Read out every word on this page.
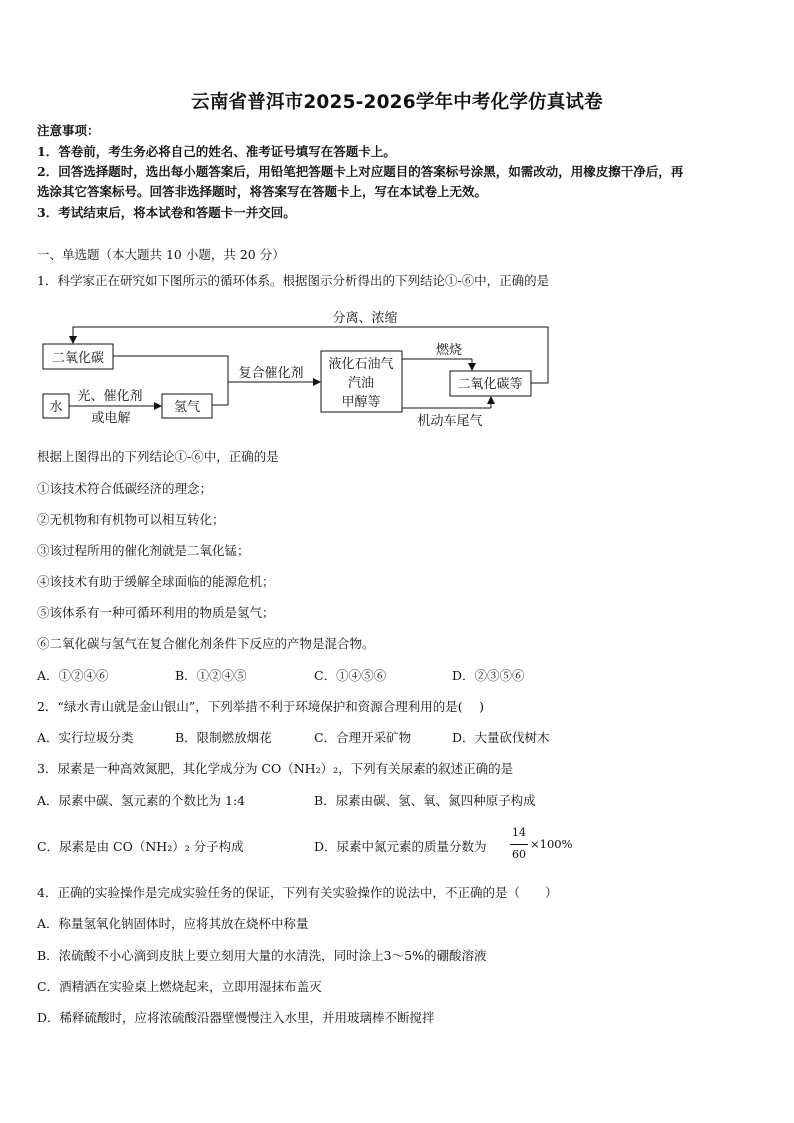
云南省普洱市2025-2026学年中考化学仿真试卷
注意事项：
1．答卷前，考生务必将自己的姓名、准考证号填写在答题卡上。
2．回答选择题时，选出每小题答案后，用铅笔把答题卡上对应题目的答案标号涂黑，如需改动，用橡皮擦干净后，再
选涂其它答案标号。回答非选择题时，将答案写在答题卡上，写在本试卷上无效。
3．考试结束后，将本试卷和答题卡一并交回。
一、单选题（本大题共 10 小题，共 20 分）
1．科学家正在研究如下图所示的循环体系。根据图示分析得出的下列结论①-⑥中，正确的是
二氧化碳
水
光、催化剂
或电解
氢气
复合催化剂
液化石油气
汽油
甲醇等
燃烧
二氧化碳等
分离、浓缩
机动车尾气
根据上图得出的下列结论①-⑥中，正确的是
①该技术符合低碳经济的理念；
②无机物和有机物可以相互转化；
③该过程所用的催化剂就是二氧化锰；
④该技术有助于缓解全球面临的能源危机；
⑤该体系有一种可循环利用的物质是氢气；
⑥二氧化碳与氢气在复合催化剂条件下反应的产物是混合物。
A．①②④⑥	B．①②④⑤	C．①④⑤⑥	D．②③⑤⑥
2．“绿水青山就是金山银山”，下列举措不利于环境保护和资源合理利用的是(　 )
A．实行垃圾分类	B．限制燃放烟花	C．合理开采矿物	D．大量砍伐树木
3．尿素是一种高效氮肥，其化学成分为 CO（NH₂）₂，下列有关尿素的叙述正确的是
A．尿素中碳、氢元素的个数比为 1:4	B．尿素由碳、氢、氧、氮四种原子构成
C．尿素是由 CO（NH₂）₂ 分子构成	D．尿素中氮元素的质量分数为
14
60
×100%
4．正确的实验操作是完成实验任务的保证，下列有关实验操作的说法中，不正确的是（　　）
A．称量氢氧化钠固体时，应将其放在烧杯中称量
B．浓硫酸不小心滴到皮肤上要立刻用大量的水清洗，同时涂上3～5%的硼酸溶液
C．酒精洒在实验桌上燃烧起来，立即用湿抹布盖灭
D．稀释硫酸时，应将浓硫酸沿器壁慢慢注入水里，并用玻璃棒不断搅拌
